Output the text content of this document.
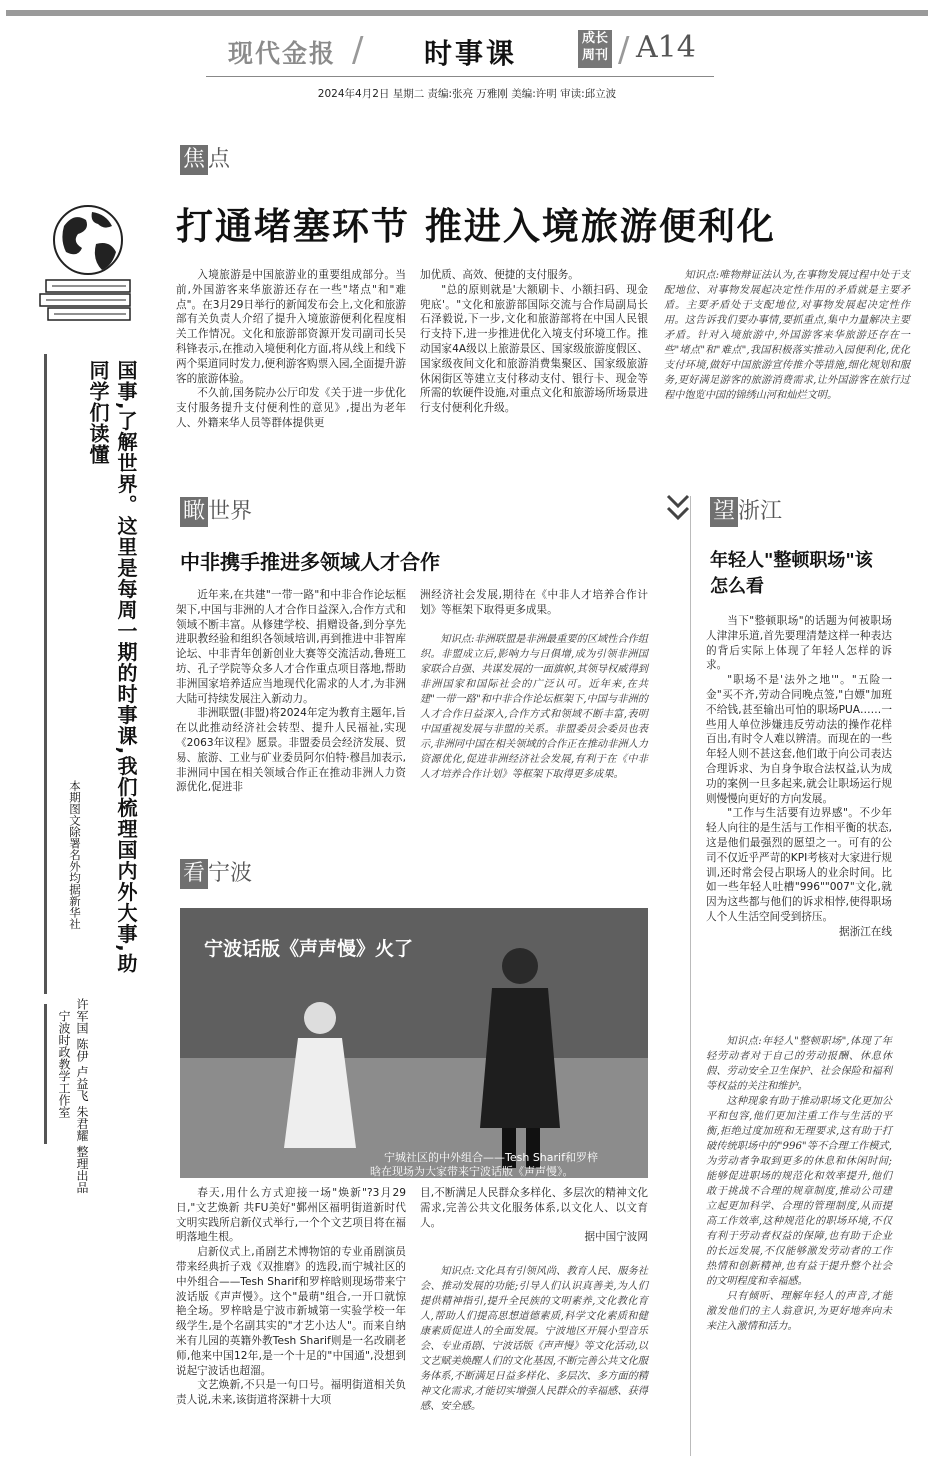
现代金报 / 时事课	成长
周刊 / A14
2024年4月2日 星期二 责编:张亮 万雅刚 美编:许明 审读:邱立波
国事,了解世界。这里是每周一期的时事课,我们梳理国内外大事,助同学们读懂
本期图文除署名外均据新华社
许军国 陈伊 卢益飞 朱君耀 整理出品
宁波时政教学工作室
焦 点
打通堵塞环节 推进入境旅游便利化

入境旅游是中国旅游业的重要组成部分。当前,外国游客来华旅游还存在一些"堵点"和"难点"。在3月29日举行的新闻发布会上,文化和旅游部有关负责人介绍了提升入境旅游便利化程度相关工作情况。文化和旅游部资源开发司副司长吴科锋表示,在推动入境便利化方面,将从线上和线下两个渠道同时发力,便利游客购票入园,全面提升游客的旅游体验。

不久前,国务院办公厅印发《关于进一步优化支付服务提升支付便利性的意见》,提出为老年人、外籍来华人员等群体提供更

加优质、高效、便捷的支付服务。

"总的原则就是'大额刷卡、小额扫码、现金兜底'。"文化和旅游部国际交流与合作局副局长石泽毅说,下一步,文化和旅游部将在中国人民银行支持下,进一步推进优化入境支付环境工作。推动国家4A级以上旅游景区、国家级旅游度假区、国家级夜间文化和旅游消费集聚区、国家级旅游休闲街区等建立支付移动支付、银行卡、现金等所需的软硬件设施,对重点文化和旅游场所场景进行支付便利化升级。

知识点:唯物辩证法认为,在事物发展过程中处于支配地位、对事物发展起决定性作用的矛盾就是主要矛盾。主要矛盾处于支配地位,对事物发展起决定性作用。这告诉我们要办事情,要抓重点,集中力量解决主要矛盾。针对入境旅游中,外国游客来华旅游还存在一些"堵点"和"难点",我国积极落实推动入园便利化,优化支付环境,做好中国旅游宣传推介等措施,细化规划和服务,更好满足游客的旅游消费需求,让外国游客在旅行过程中饱览中国的锦绣山河和灿烂文明。

瞰 世界
中非携手推进多领域人才合作

近年来,在共建"一带一路"和中非合作论坛框架下,中国与非洲的人才合作日益深入,合作方式和领域不断丰富。从修建学校、捐赠设备,到分享先进职教经验和组织各领域培训,再到推进中非智库论坛、中非青年创新创业大赛等交流活动,鲁班工坊、孔子学院等众多人才合作重点项目落地,帮助非洲国家培养适应当地现代化需求的人才,为非洲大陆可持续发展注入新动力。

非洲联盟(非盟)将2024年定为教育主题年,旨在以此推动经济社会转型、提升人民福祉,实现《2063年议程》愿景。非盟委员会经济发展、贸易、旅游、工业与矿业委员阿尔伯特·穆昌加表示,非洲同中国在相关领域合作正在推动非洲人力资源优化,促进非

洲经济社会发展,期待在《中非人才培养合作计划》等框架下取得更多成果。

知识点:非洲联盟是非洲最重要的区域性合作组织。非盟成立后,影响力与日俱增,成为引领非洲国家联合自强、共谋发展的一面旗帜,其领导权威得到非洲国家和国际社会的广泛认可。近年来,在共建"一带一路"和中非合作论坛框架下,中国与非洲的人才合作日益深入,合作方式和领域不断丰富,表明中国重视发展与非盟的关系。非盟委员会委员也表示,非洲同中国在相关领域的合作正在推动非洲人力资源优化,促进非洲经济社会发展,有利于在《中非人才培养合作计划》等框架下取得更多成果。

看 宁波
宁波话版《声声慢》火了
宁城社区的中外组合——Tesh Sharif和罗梓
晗在现场为大家带来宁波话版《声声慢》。

春天,用什么方式迎接一场"焕新"?3月29日,"文艺焕新 共FU美好"鄞州区福明街道新时代文明实践所启新仪式举行,一个个文艺项目将在福明落地生根。

启新仪式上,甬剧艺术博物馆的专业甬剧演员带来经典折子戏《双推磨》的选段,而宁城社区的中外组合——Tesh Sharif和罗梓晗则现场带来宁波话版《声声慢》。这个"最萌"组合,一开口就惊艳全场。罗梓晗是宁波市新城第一实验学校一年级学生,是个名副其实的"才艺小达人"。而来自纳米有儿园的英籍外教Tesh Sharif则是一名改刷老师,他来中国12年,是一个十足的"中国通",没想到说起宁波话也超溜。

文艺焕新,不只是一句口号。福明街道相关负责人说,未来,该街道将深耕十大项

目,不断满足人民群众多样化、多层次的精神文化需求,完善公共文化服务体系,以文化人、以文育人。

据中国宁波网

知识点:文化具有引领风尚、教育人民、服务社会、推动发展的功能;引导人们认识真善美,为人们提供精神指引,提升全民族的文明素养,文化教化育人,帮助人们提高思想道德素质,科学文化素质和健康素质促进人的全面发展。宁波地区开展小型音乐会、专业甬剧、宁波话版《声声慢》等文化活动,以文艺赋美焕醒人们的文化基因,不断完善公共文化服务体系,不断满足日益多样化、多层次、多方面的精神文化需求,才能切实增强人民群众的幸福感、获得感、安全感。

望 浙江
年轻人"整顿职场"该怎么看

当下"整顿职场"的话题为何被职场人津津乐道,首先要理清楚这样一种表达的背后实际上体现了年轻人怎样的诉求。

"职场不是'法外之地'"。"五险一金"买不齐,劳动合同晚点签,"白嫖"加班不给钱,甚至输出可怕的职场PUA……一些用人单位涉嫌违反劳动法的操作花样百出,有时令人难以辨清。而现在的一些年轻人则不甚这套,他们敢于向公司表达合理诉求、为自身争取合法权益,认为成功的案例一旦多起来,就会让职场运行规则慢慢向更好的方向发展。

"工作与生活要有边界感"。不少年轻人向往的是生活与工作相平衡的状态,这是他们最强烈的愿望之一。可有的公司不仅近乎严苛的KPI考核对大家进行规训,还时常会侵占职场人的业余时间。比如一些年轻人吐槽"996""007"文化,就因为这些都与他们的诉求相悖,使得职场人个人生活空间受到挤压。

据浙江在线

知识点:年轻人"整顿职场",体现了年轻劳动者对于自己的劳动报酬、休息休假、劳动安全卫生保护、社会保险和福利等权益的关注和维护。

这种现象有助于推动职场文化更加公平和包容,他们更加注重工作与生活的平衡,拒绝过度加班和无理要求,这有助于打破传统职场中的"996"等不合理工作模式,为劳动者争取到更多的休息和休闲时间;能够促进职场的规范化和效率提升,他们敢于挑战不合理的规章制度,推动公司建立起更加科学、合理的管理制度,从而提高工作效率,这种规范化的职场环境,不仅有利于劳动者权益的保障,也有助于企业的长远发展,不仅能够激发劳动者的工作热情和创新精神,也有益于提升整个社会的文明程度和幸福感。

只有倾听、理解年轻人的声音,才能激发他们的主人翁意识,为更好地奔向未来注入激情和活力。
